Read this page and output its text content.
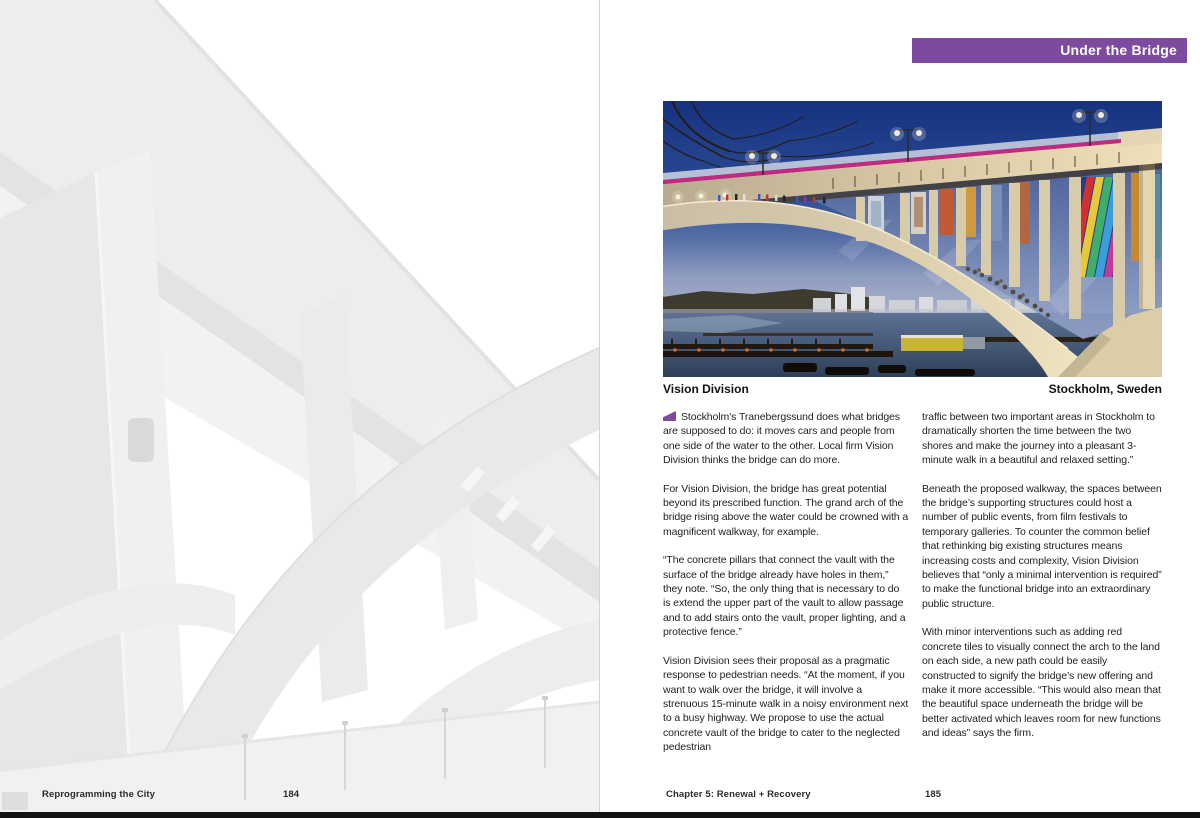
Under the Bridge
Vision Division	Stockholm, Sweden

Stockholm’s Tranebergssund does what bridges are supposed to do: it moves cars and people from one side of the water to the other. Local firm Vision Division thinks the bridge can do more.

For Vision Division, the bridge has great potential beyond its prescribed function. The grand arch of the bridge rising above the water could be crowned with a magnificent walkway, for example.

“The concrete pillars that connect the vault with the surface of the bridge already have holes in them,” they note. “So, the only thing that is necessary to do is extend the upper part of the vault to allow passage and to add stairs onto the vault, proper lighting, and a protective fence.”

Vision Division sees their proposal as a pragmatic response to pedestrian needs. “At the moment, if you want to walk over the bridge, it will involve a strenuous 15-minute walk in a noisy environment next to a busy highway. We propose to use the actual concrete vault of the bridge to cater to the neglected pedestrian

traffic between two important areas in Stockholm to dramatically shorten the time between the two shores and make the journey into a pleasant 3-minute walk in a beautiful and relaxed setting.”

Beneath the proposed walkway, the spaces between the bridge’s supporting structures could host a number of public events, from film festivals to temporary galleries. To counter the common belief that rethinking big existing structures means increasing costs and complexity, Vision Division believes that “only a minimal intervention is required” to make the functional bridge into an extraordinary public structure.

With minor interventions such as adding red concrete tiles to visually connect the arch to the land on each side, a new path could be easily constructed to signify the bridge’s new offering and make it more accessible. “This would also mean that the beautiful space underneath the bridge will be better activated which leaves room for new functions and ideas” says the firm.

Reprogramming the City	184	Chapter 5: Renewal + Recovery	185
